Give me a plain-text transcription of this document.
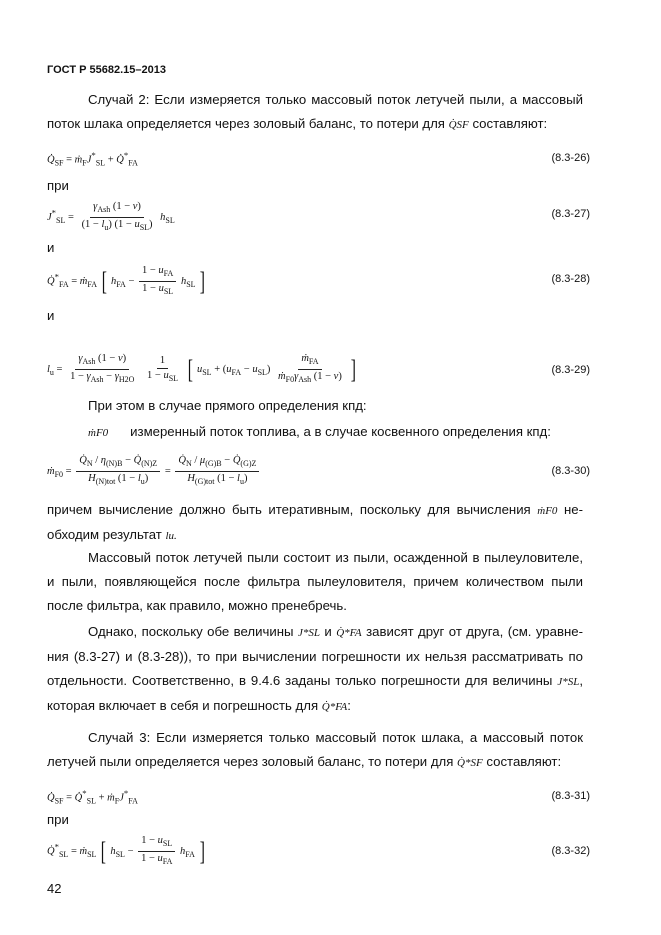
ГОСТ Р 55682.15–2013
Случай 2: Если измеряется только массовый поток летучей пыли, а массовый поток шлака определяется через золовый баланс, то потери для Q̇SF составляют:
$Q̇_{SF}$ = $ṁ_FJ^*_{SL}$ + $Q̇^*_{FA}$	(8.3-26)
при
$J^*_{SL} = \frac{\gamma_{Ash} (1 - \nu)}{(1 - l_u) (1 - u_{SL})} h_{SL}$
(8.3-27)
и
$Q̇^*_{FA}$ = ṁ$_{FA}$ [ $h_{FA} - \frac{1 - u_{FA}}{1 - u_{SL}} h_{SL}$ ]	(8.3-28)
и
$l_u = \frac{\gamma_{Ash} (1 - \nu)}{1 - \gamma_{Ash} - \gamma_{H2O}}$
$\frac{1}{1 - u_{SL}}$ [ $u_{SL} + (u_{FA} - u_{SL}) \frac{ṁ_{FA}}{ṁ_{F0}\gamma_{Ash} (1 - \nu)}$ ]	(8.3-29)
При этом в случае прямого определения кпд:
ṁF0 измеренный поток топлива, а в случае косвенного определения кпд:
ṁ$_{F0}$ = $\frac{Q̇_N / \eta_{(N)B} - Q̇_{(N)Z}}{H_{(N)tot} (1 - l_u)} = \frac{Q̇_N / \mu_{(G)B} - Q̇_{(G)Z}}{H_{(G)tot} (1 - l_u)}$	(8.3-30)
причем вычисление должно быть итеративным, поскольку для вычисления ṁF0 не-обходим результат lu.
Массовый поток летучей пыли состоит из пыли, осажденной в пылеуловителе, и пыли, появляющейся после фильтра пылеуловителя, причем количеством пыли после фильтра, как правило, можно пренебречь.
Однако, поскольку обе величины J*SL и Q̇*FA зависят друг от друга, (см. уравне-ния (8.3-27) и (8.3-28)), то при вычислении погрешности их нельзя рассматривать по отдельности. Соответственно, в 9.4.6 заданы только погрешности для величины J*SL, которая включает в себя и погрешность для Q̇*FA:
Случай 3: Если измеряется только массовый поток шлака, а массовый поток летучей пыли определяется через золовый баланс, то потери для Q̇*SF составляют:
$Q̇_{SF}$ = $Q̇^*_{SL}$ + $ṁ_FJ^*_{FA}$	(8.3-31)
при
$Q̇^*_{SL}$ = ṁ$_{SL}$ [ $h_{SL} - \frac{1 - u_{SL}}{1 - u_{FA}} h_{FA}$ ]	(8.3-32)
42
